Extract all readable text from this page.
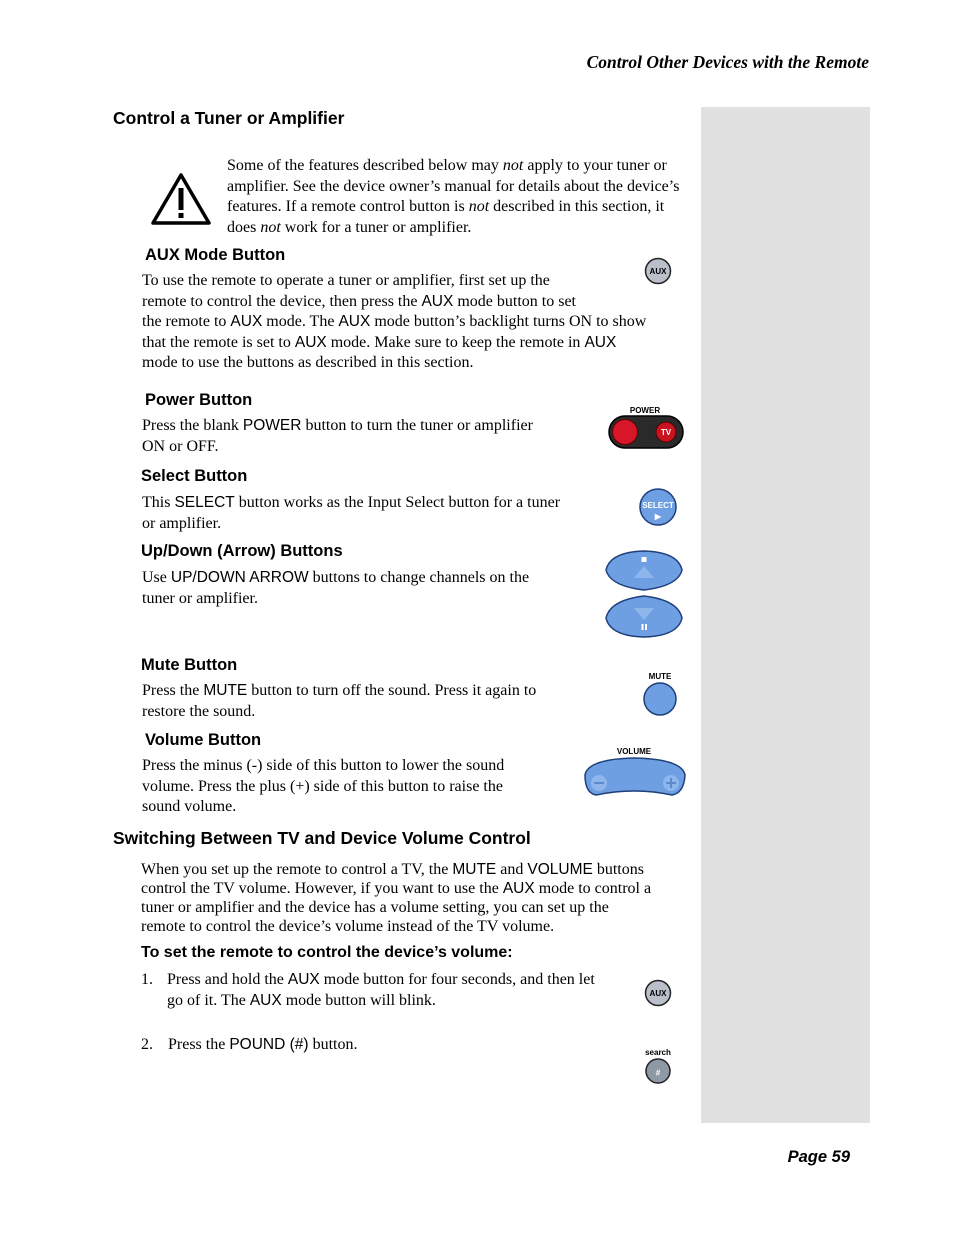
Control Other Devices with the Remote
Control a Tuner or Amplifier
Some of the features described below may not apply to your tuner or amplifier. See the device owner’s manual for details about the device’s features. If a remote control button is not described in this section, it does not work for a tuner or amplifier.
AUX Mode Button
To use the remote to operate a tuner or amplifier, first set up the
remote to control the device, then press the AUX mode button to set
the remote to AUX mode. The AUX mode button’s backlight turns ON to show
that the remote is set to AUX mode. Make sure to keep the remote in AUX
mode to use the buttons as described in this section.
AUX
Power Button
Press the blank POWER button to turn the tuner or amplifier
ON or OFF.
POWER
TV
Select Button
This SELECT button works as the Input Select button for a tuner
or amplifier.
SELECT
▶
Up/Down (Arrow) Buttons
Use UP/DOWN ARROW buttons to change channels on the
tuner or amplifier.
Mute Button
Press the MUTE button to turn off the sound. Press it again to
restore the sound.
MUTE
Volume Button
Press the minus (-) side of this button to lower the sound
volume. Press the plus (+) side of this button to raise the
sound volume.
VOLUME
Switching Between TV and Device Volume Control
When you set up the remote to control a TV, the MUTE and VOLUME buttons
control the TV volume. However, if you want to use the AUX mode to control a
tuner or amplifier and the device has a volume setting, you can set up the
remote to control the device’s volume instead of the TV volume.
To set the remote to control the device’s volume:
1. Press and hold the AUX mode button for four seconds, and then let
go of it. The AUX mode button will blink.	AUX
2. Press the POUND (#) button.	search
#
Page 59
